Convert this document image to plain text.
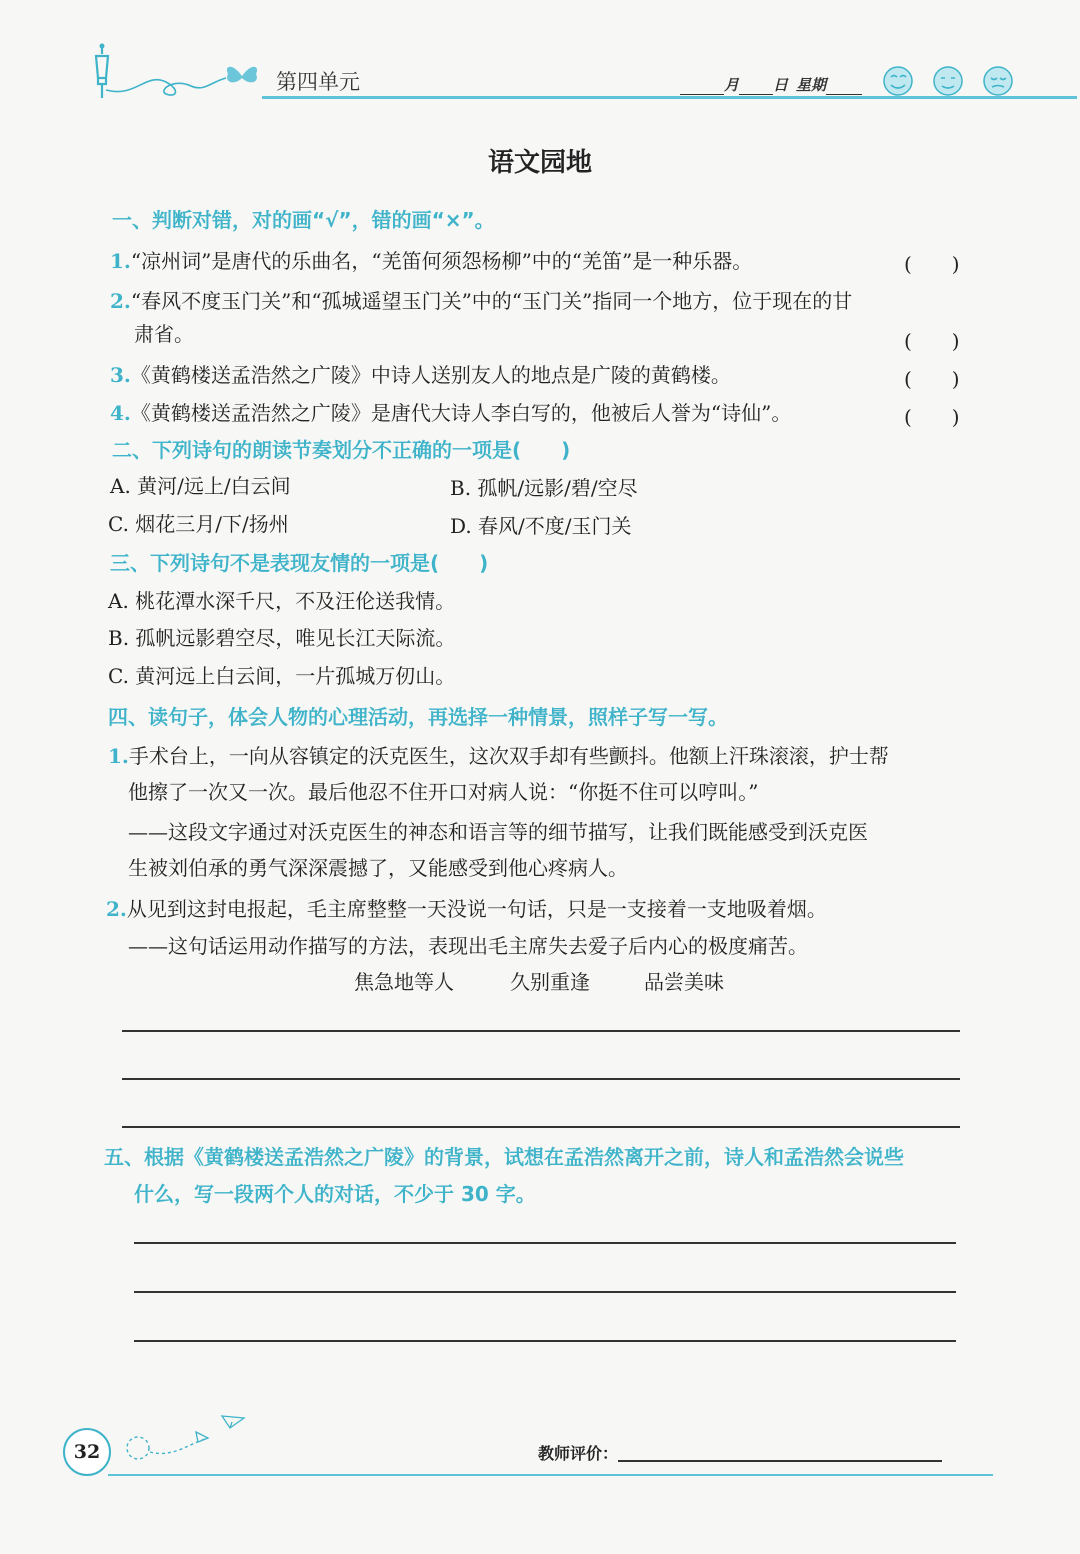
第四单元	月 日 星期
语文园地
一、判断对错，对的画“√”，错的画“×”。
1.“凉州词”是唐代的乐曲名，“羌笛何须怨杨柳”中的“羌笛”是一种乐器。	(　　)
2.“春风不度玉门关”和“孤城遥望玉门关”中的“玉门关”指同一个地方，位于现在的甘
肃省。	(　　)
3.《黄鹤楼送孟浩然之广陵》中诗人送别友人的地点是广陵的黄鹤楼。	(　　)
4.《黄鹤楼送孟浩然之广陵》是唐代大诗人李白写的，他被后人誉为“诗仙”。	(　　)
二、下列诗句的朗读节奏划分不正确的一项是(　　)
A. 黄河/远上/白云间	B. 孤帆/远影/碧/空尽
C. 烟花三月/下/扬州	D. 春风/不度/玉门关
三、下列诗句不是表现友情的一项是(　　)
A. 桃花潭水深千尺，不及汪伦送我情。
B. 孤帆远影碧空尽，唯见长江天际流。
C. 黄河远上白云间，一片孤城万仞山。
四、读句子，体会人物的心理活动，再选择一种情景，照样子写一写。
1.手术台上，一向从容镇定的沃克医生，这次双手却有些颤抖。他额上汗珠滚滚，护士帮
他擦了一次又一次。最后他忍不住开口对病人说：“你挺不住可以哼叫。”
——这段文字通过对沃克医生的神态和语言等的细节描写，让我们既能感受到沃克医
生被刘伯承的勇气深深震撼了，又能感受到他心疼病人。
2.从见到这封电报起，毛主席整整一天没说一句话，只是一支接着一支地吸着烟。
——这句话运用动作描写的方法，表现出毛主席失去爱子后内心的极度痛苦。
焦急地等人	久别重逢	品尝美味
五、根据《黄鹤楼送孟浩然之广陵》的背景，试想在孟浩然离开之前，诗人和孟浩然会说些
什么，写一段两个人的对话，不少于 30 字。
32	教师评价：
